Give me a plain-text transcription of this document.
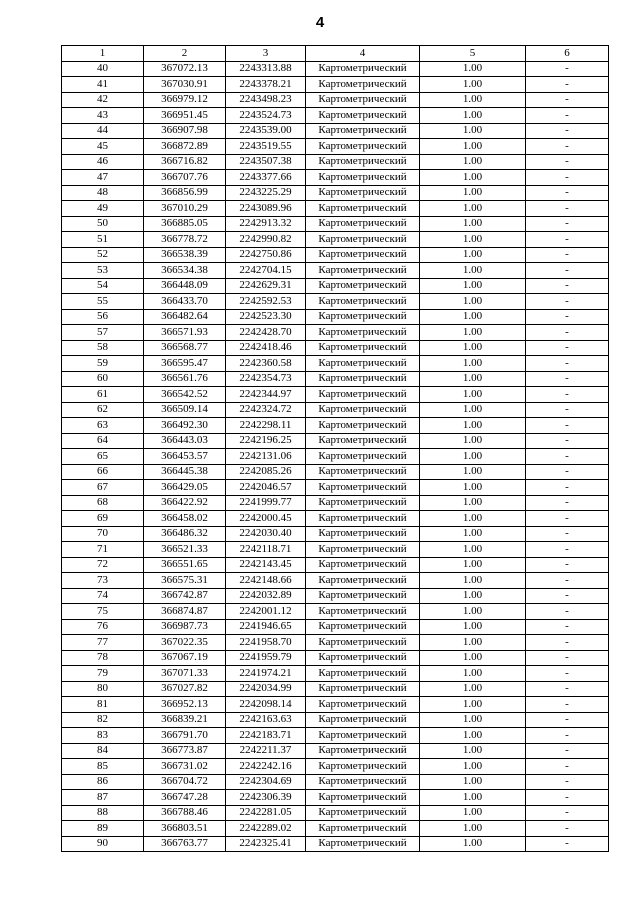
4
1	2	3	4	5	6
40	367072.13	2243313.88	Картометрический	1.00	-
41	367030.91	2243378.21	Картометрический	1.00	-
42	366979.12	2243498.23	Картометрический	1.00	-
43	366951.45	2243524.73	Картометрический	1.00	-
44	366907.98	2243539.00	Картометрический	1.00	-
45	366872.89	2243519.55	Картометрический	1.00	-
46	366716.82	2243507.38	Картометрический	1.00	-
47	366707.76	2243377.66	Картометрический	1.00	-
48	366856.99	2243225.29	Картометрический	1.00	-
49	367010.29	2243089.96	Картометрический	1.00	-
50	366885.05	2242913.32	Картометрический	1.00	-
51	366778.72	2242990.82	Картометрический	1.00	-
52	366538.39	2242750.86	Картометрический	1.00	-
53	366534.38	2242704.15	Картометрический	1.00	-
54	366448.09	2242629.31	Картометрический	1.00	-
55	366433.70	2242592.53	Картометрический	1.00	-
56	366482.64	2242523.30	Картометрический	1.00	-
57	366571.93	2242428.70	Картометрический	1.00	-
58	366568.77	2242418.46	Картометрический	1.00	-
59	366595.47	2242360.58	Картометрический	1.00	-
60	366561.76	2242354.73	Картометрический	1.00	-
61	366542.52	2242344.97	Картометрический	1.00	-
62	366509.14	2242324.72	Картометрический	1.00	-
63	366492.30	2242298.11	Картометрический	1.00	-
64	366443.03	2242196.25	Картометрический	1.00	-
65	366453.57	2242131.06	Картометрический	1.00	-
66	366445.38	2242085.26	Картометрический	1.00	-
67	366429.05	2242046.57	Картометрический	1.00	-
68	366422.92	2241999.77	Картометрический	1.00	-
69	366458.02	2242000.45	Картометрический	1.00	-
70	366486.32	2242030.40	Картометрический	1.00	-
71	366521.33	2242118.71	Картометрический	1.00	-
72	366551.65	2242143.45	Картометрический	1.00	-
73	366575.31	2242148.66	Картометрический	1.00	-
74	366742.87	2242032.89	Картометрический	1.00	-
75	366874.87	2242001.12	Картометрический	1.00	-
76	366987.73	2241946.65	Картометрический	1.00	-
77	367022.35	2241958.70	Картометрический	1.00	-
78	367067.19	2241959.79	Картометрический	1.00	-
79	367071.33	2241974.21	Картометрический	1.00	-
80	367027.82	2242034.99	Картометрический	1.00	-
81	366952.13	2242098.14	Картометрический	1.00	-
82	366839.21	2242163.63	Картометрический	1.00	-
83	366791.70	2242183.71	Картометрический	1.00	-
84	366773.87	2242211.37	Картометрический	1.00	-
85	366731.02	2242242.16	Картометрический	1.00	-
86	366704.72	2242304.69	Картометрический	1.00	-
87	366747.28	2242306.39	Картометрический	1.00	-
88	366788.46	2242281.05	Картометрический	1.00	-
89	366803.51	2242289.02	Картометрический	1.00	-
90	366763.77	2242325.41	Картометрический	1.00	-
